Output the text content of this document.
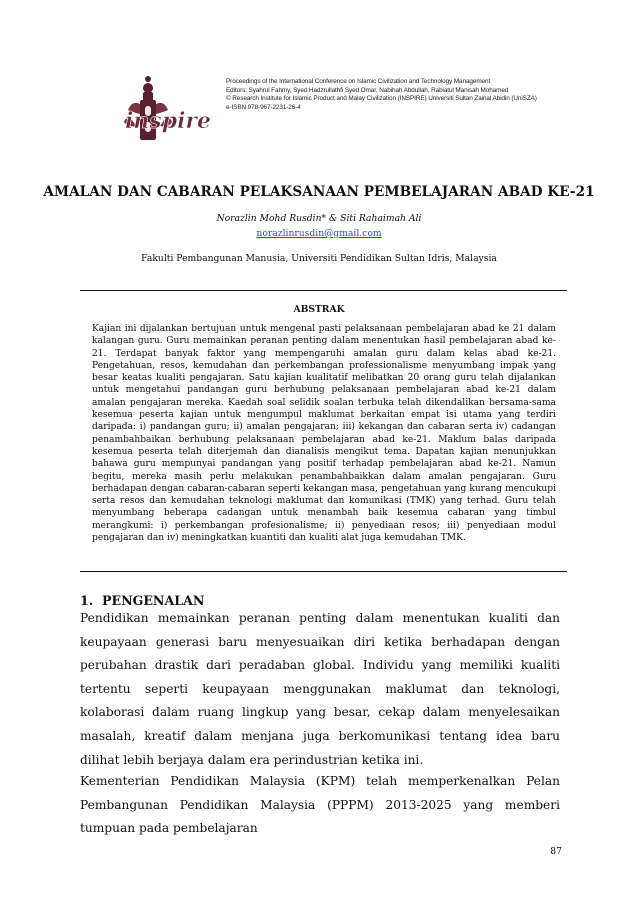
inspire
Proceedings of the International Conference on Islamic Civilization and Technology Management
Editors: Syahrul Fahmy, Syed Hadzrullathfi Syed Omar, Nabihah Abdullah, Rabiatul Manisah Mohamed
© Research Institute for Islamic Product and Malay Civilization (INSPIRE) Universiti Sultan Zainal Abidin (UniSZA)
e-ISBN 978-967-2231-26-4
AMALAN DAN CABARAN PELAKSANAAN PEMBELAJARAN ABAD KE-21
Norazlin Mohd Rusdin* & Siti Rahaimah Ali
norazlinrusdin@gmail.com
Fakulti Pembangunan Manusia, Universiti Pendidikan Sultan Idris, Malaysia
ABSTRAK
Kajian ini dijalankan bertujuan untuk mengenal pasti pelaksanaan pembelajaran abad ke 21 dalam kalangan guru. Guru memainkan peranan penting dalam menentukan hasil pembelajaran abad ke-21. Terdapat banyak faktor yang mempengaruhi amalan guru dalam kelas abad ke-21. Pengetahuan, resos, kemudahan dan perkembangan professionalisme menyumbang impak yang besar keatas kualiti pengajaran. Satu kajian kualitatif melibatkan 20 orang guru telah dijalankan untuk mengetahui pandangan guru berhubung pelaksanaan pembelajaran abad ke-21 dalam amalan pengajaran mereka. Kaedah soal selidik soalan terbuka telah dikendalikan bersama-sama kesemua peserta kajian untuk mengumpul maklumat berkaitan empat isi utama yang terdiri daripada: i) pandangan guru; ii) amalan pengajaran; iii) kekangan dan cabaran serta iv) cadangan penambahbaikan berhubung pelaksanaan pembelajaran abad ke-21. Maklum balas daripada kesemua peserta telah diterjemah dan dianalisis mengikut tema. Dapatan kajian menunjukkan bahawa guru mempunyai pandangan yang positif terhadap pembelajaran abad ke-21. Namun begitu, mereka masih perlu melakukan penambahbaikkan dalam amalan pengajaran. Guru berhadapan dengan cabaran-cabaran seperti kekangan masa, pengetahuan yang kurang mencukupi serta resos dan kemudahan teknologi maklumat dan komunikasi (TMK) yang terhad. Guru telah menyumbang beberapa cadangan untuk menambah baik kesemua cabaran yang timbul merangkumi: i) perkembangan profesionalisme; ii) penyediaan resos; iii) penyediaan modul pengajaran dan iv) meningkatkan kuantiti dan kualiti alat juga kemudahan TMK.
1. PENGENALAN
Pendidikan memainkan peranan penting dalam menentukan kualiti dan keupayaan generasi baru menyesuaikan diri ketika berhadapan dengan perubahan drastik dari peradaban global. Individu yang memiliki kualiti tertentu seperti keupayaan menggunakan maklumat dan teknologi, kolaborasi dalam ruang lingkup yang besar, cekap dalam menyelesaikan masalah, kreatif dalam menjana juga berkomunikasi tentang idea baru dilihat lebih berjaya dalam era perindustrian ketika ini.
Kementerian Pendidikan Malaysia (KPM) telah memperkenalkan Pelan Pembangunan Pendidikan Malaysia (PPPM) 2013-2025 yang memberi tumpuan pada pembelajaran
87
